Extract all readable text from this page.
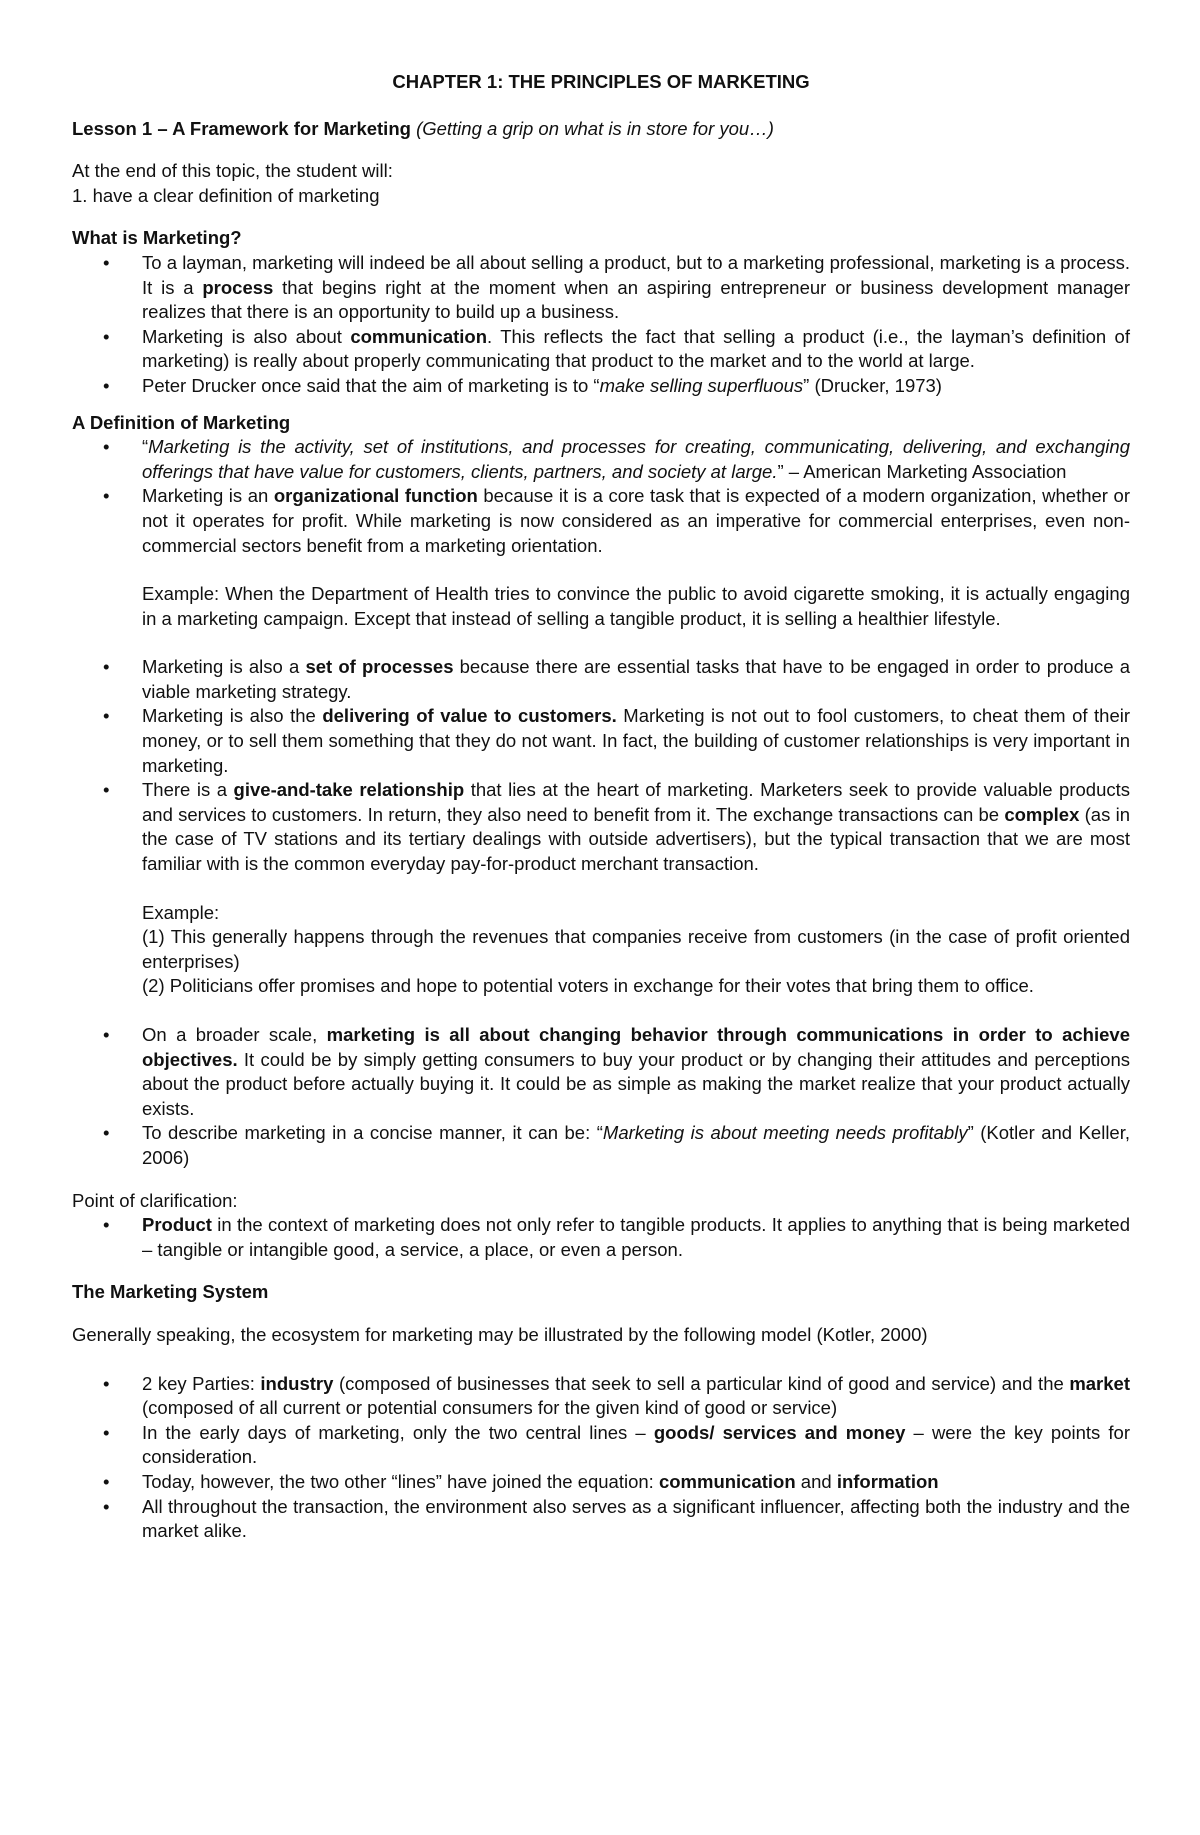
CHAPTER 1: THE PRINCIPLES OF MARKETING

Lesson 1 – A Framework for Marketing (Getting a grip on what is in store for you…)

At the end of this topic, the student will:

1. have a clear definition of marketing

What is Marketing?
• To a layman, marketing will indeed be all about selling a product, but to a marketing professional, marketing is a process. It is a process that begins right at the moment when an aspiring entrepreneur or business development manager realizes that there is an opportunity to build up a business.
• Marketing is also about communication. This reflects the fact that selling a product (i.e., the layman’s definition of marketing) is really about properly communicating that product to the market and to the world at large.
• Peter Drucker once said that the aim of marketing is to “make selling superfluous” (Drucker, 1973)
A Definition of Marketing
• “Marketing is the activity, set of institutions, and processes for creating, communicating, delivering, and exchanging offerings that have value for customers, clients, partners, and society at large.” – American Marketing Association
• Marketing is an organizational function because it is a core task that is expected of a modern organization, whether or not it operates for profit. While marketing is now considered as an imperative for commercial enterprises, even non-commercial sectors benefit from a marketing orientation.

Example: When the Department of Health tries to convince the public to avoid cigarette smoking, it is actually engaging in a marketing campaign. Except that instead of selling a tangible product, it is selling a healthier lifestyle.

• Marketing is also a set of processes because there are essential tasks that have to be engaged in order to produce a viable marketing strategy.
• Marketing is also the delivering of value to customers. Marketing is not out to fool customers, to cheat them of their money, or to sell them something that they do not want. In fact, the building of customer relationships is very important in marketing.
• There is a give-and-take relationship that lies at the heart of marketing. Marketers seek to provide valuable products and services to customers. In return, they also need to benefit from it. The exchange transactions can be complex (as in the case of TV stations and its tertiary dealings with outside advertisers), but the typical transaction that we are most familiar with is the common everyday pay-for-product merchant transaction.

Example:

(1) This generally happens through the revenues that companies receive from customers (in the case of profit oriented enterprises)

(2) Politicians offer promises and hope to potential voters in exchange for their votes that bring them to office.

• On a broader scale, marketing is all about changing behavior through communications in order to achieve objectives. It could be by simply getting consumers to buy your product or by changing their attitudes and perceptions about the product before actually buying it. It could be as simple as making the market realize that your product actually exists.
• To describe marketing in a concise manner, it can be: “Marketing is about meeting needs profitably” (Kotler and Keller, 2006)

Point of clarification:

• Product in the context of marketing does not only refer to tangible products. It applies to anything that is being marketed – tangible or intangible good, a service, a place, or even a person.
The Marketing System

Generally speaking, the ecosystem for marketing may be illustrated by the following model (Kotler, 2000)

• 2 key Parties: industry (composed of businesses that seek to sell a particular kind of good and service) and the market (composed of all current or potential consumers for the given kind of good or service)
• In the early days of marketing, only the two central lines – goods/ services and money – were the key points for consideration.
• Today, however, the two other “lines” have joined the equation: communication and information
• All throughout the transaction, the environment also serves as a significant influencer, affecting both the industry and the market alike.
